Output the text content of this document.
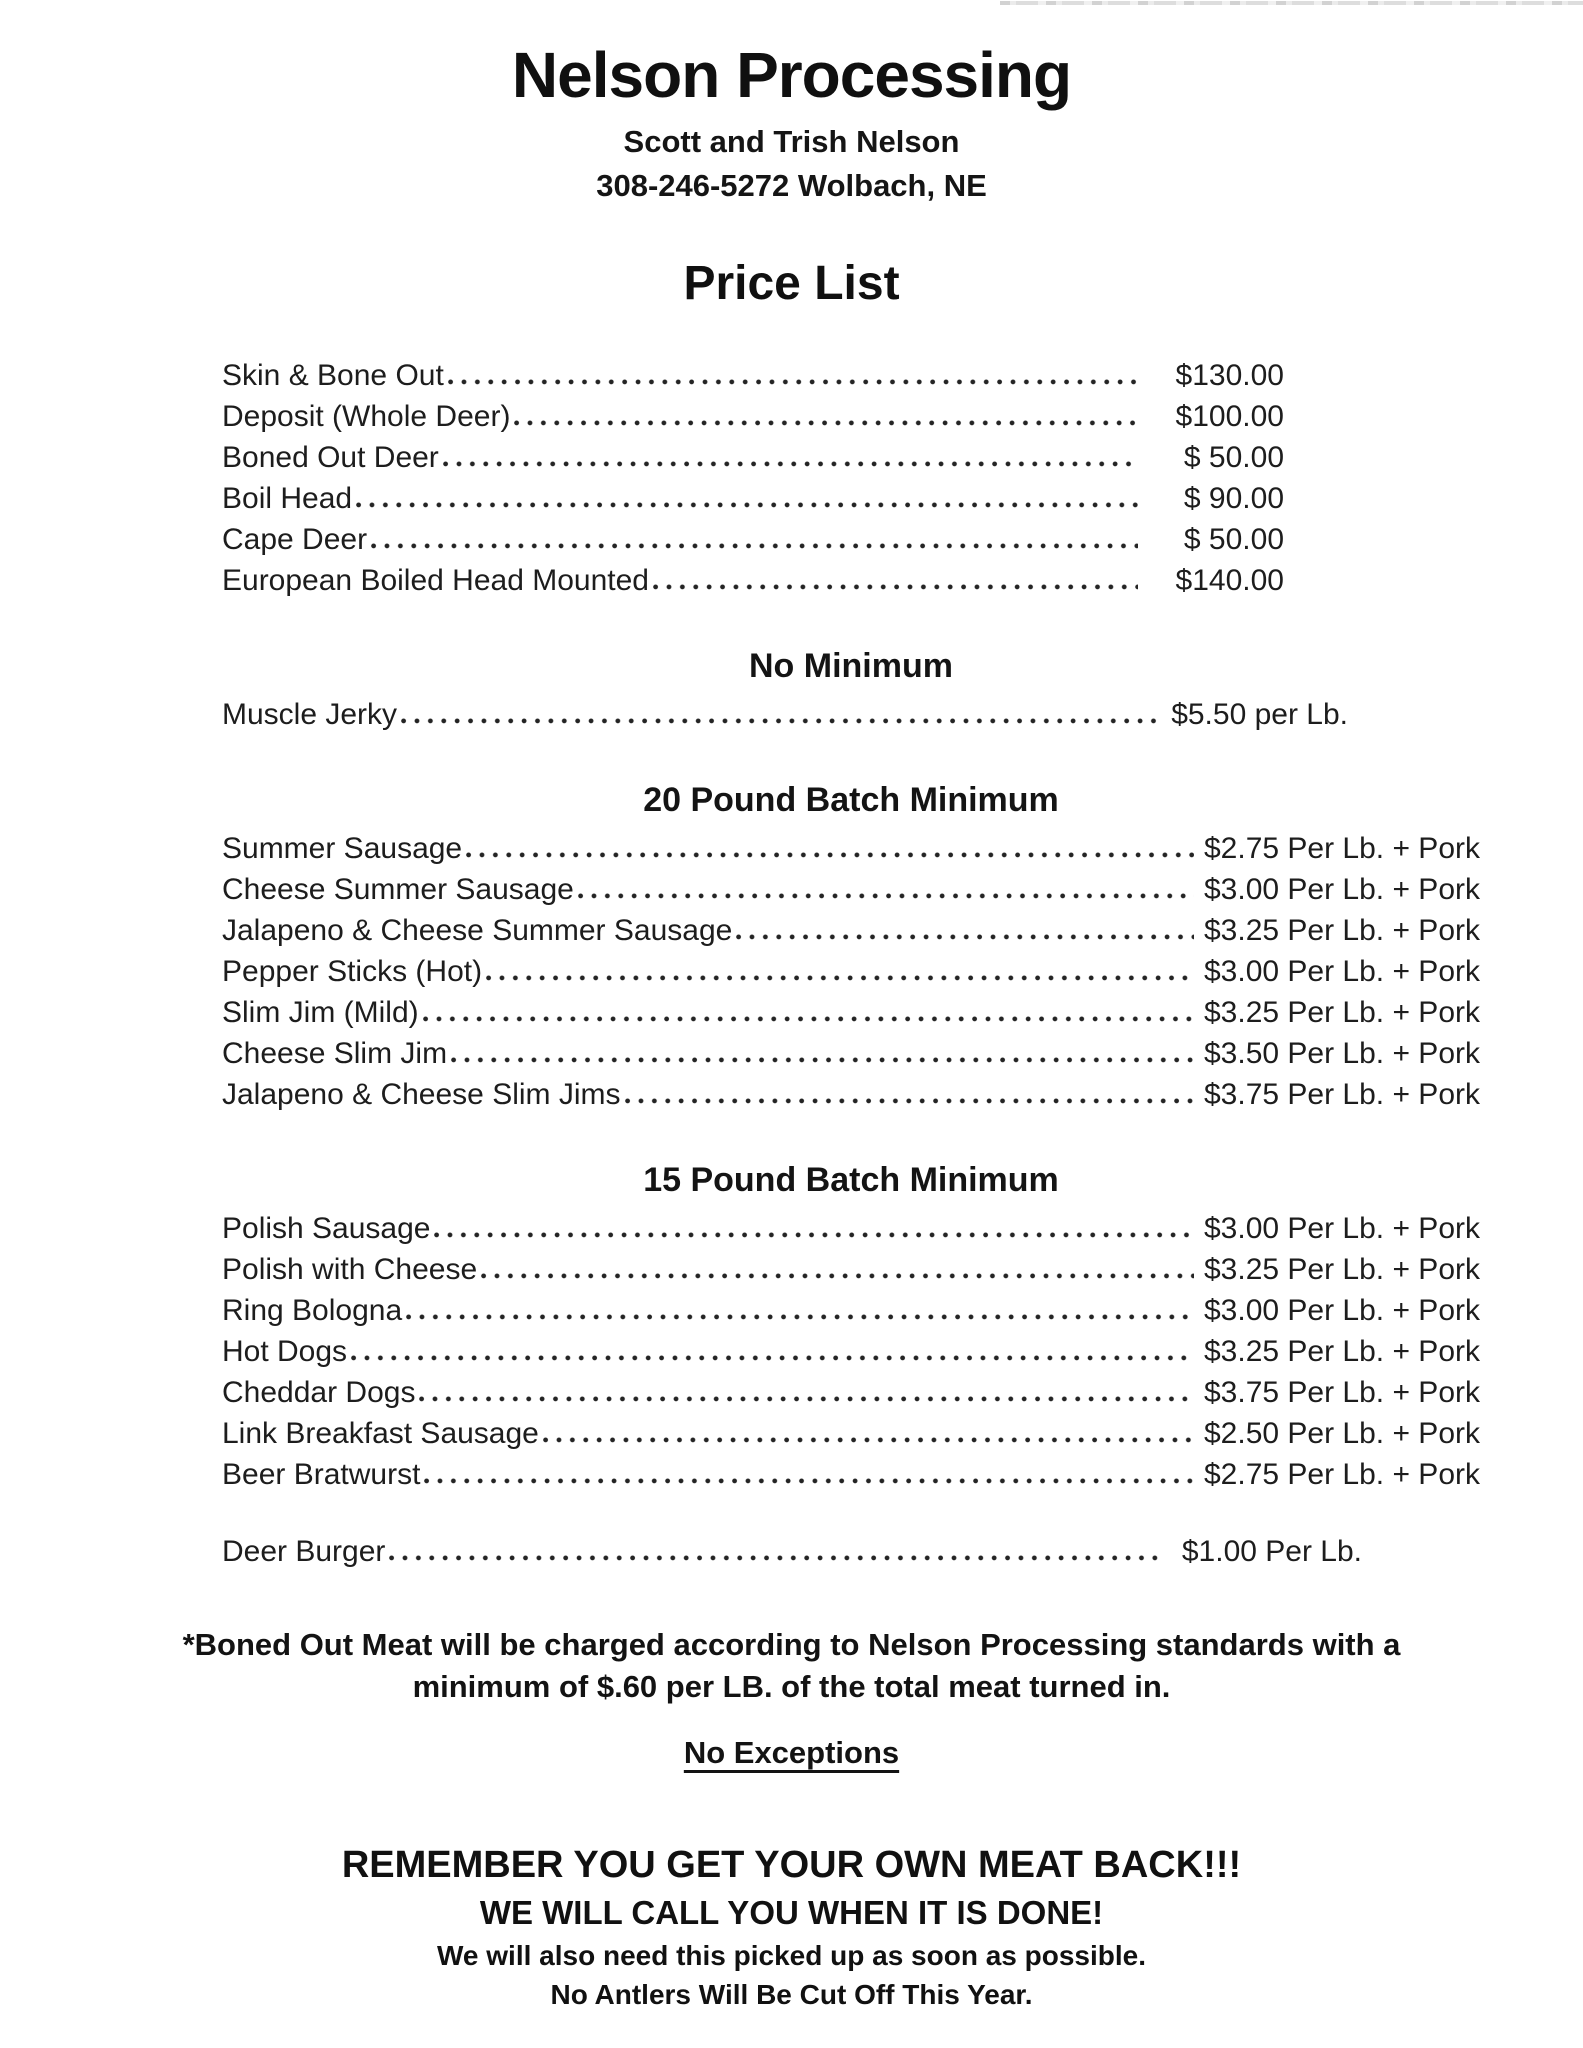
Nelson Processing
Scott and Trish Nelson
308-246-5272 Wolbach, NE
Price List
Skin & Bone Out	$130.00
Deposit (Whole Deer)	$100.00
Boned Out Deer	$ 50.00
Boil Head	$ 90.00
Cape Deer	$ 50.00
European Boiled Head Mounted	$140.00
No Minimum
Muscle Jerky	$5.50 per Lb.
20 Pound Batch Minimum
Summer Sausage	$2.75 Per Lb. + Pork
Cheese Summer Sausage	$3.00 Per Lb. + Pork
Jalapeno & Cheese Summer Sausage	$3.25 Per Lb. + Pork
Pepper Sticks (Hot)	$3.00 Per Lb. + Pork
Slim Jim (Mild)	$3.25 Per Lb. + Pork
Cheese Slim Jim	$3.50 Per Lb. + Pork
Jalapeno & Cheese Slim Jims	$3.75 Per Lb. + Pork
15 Pound Batch Minimum
Polish Sausage	$3.00 Per Lb. + Pork
Polish with Cheese	$3.25 Per Lb. + Pork
Ring Bologna	$3.00 Per Lb. + Pork
Hot Dogs	$3.25 Per Lb. + Pork
Cheddar Dogs	$3.75 Per Lb. + Pork
Link Breakfast Sausage	$2.50 Per Lb. + Pork
Beer Bratwurst	$2.75 Per Lb. + Pork
Deer Burger	$1.00 Per Lb.

*Boned Out Meat will be charged according to Nelson Processing standards with a

minimum of $.60 per LB. of the total meat turned in.

No Exceptions

REMEMBER YOU GET YOUR OWN MEAT BACK!!!

WE WILL CALL YOU WHEN IT IS DONE!

We will also need this picked up as soon as possible.

No Antlers Will Be Cut Off This Year.
